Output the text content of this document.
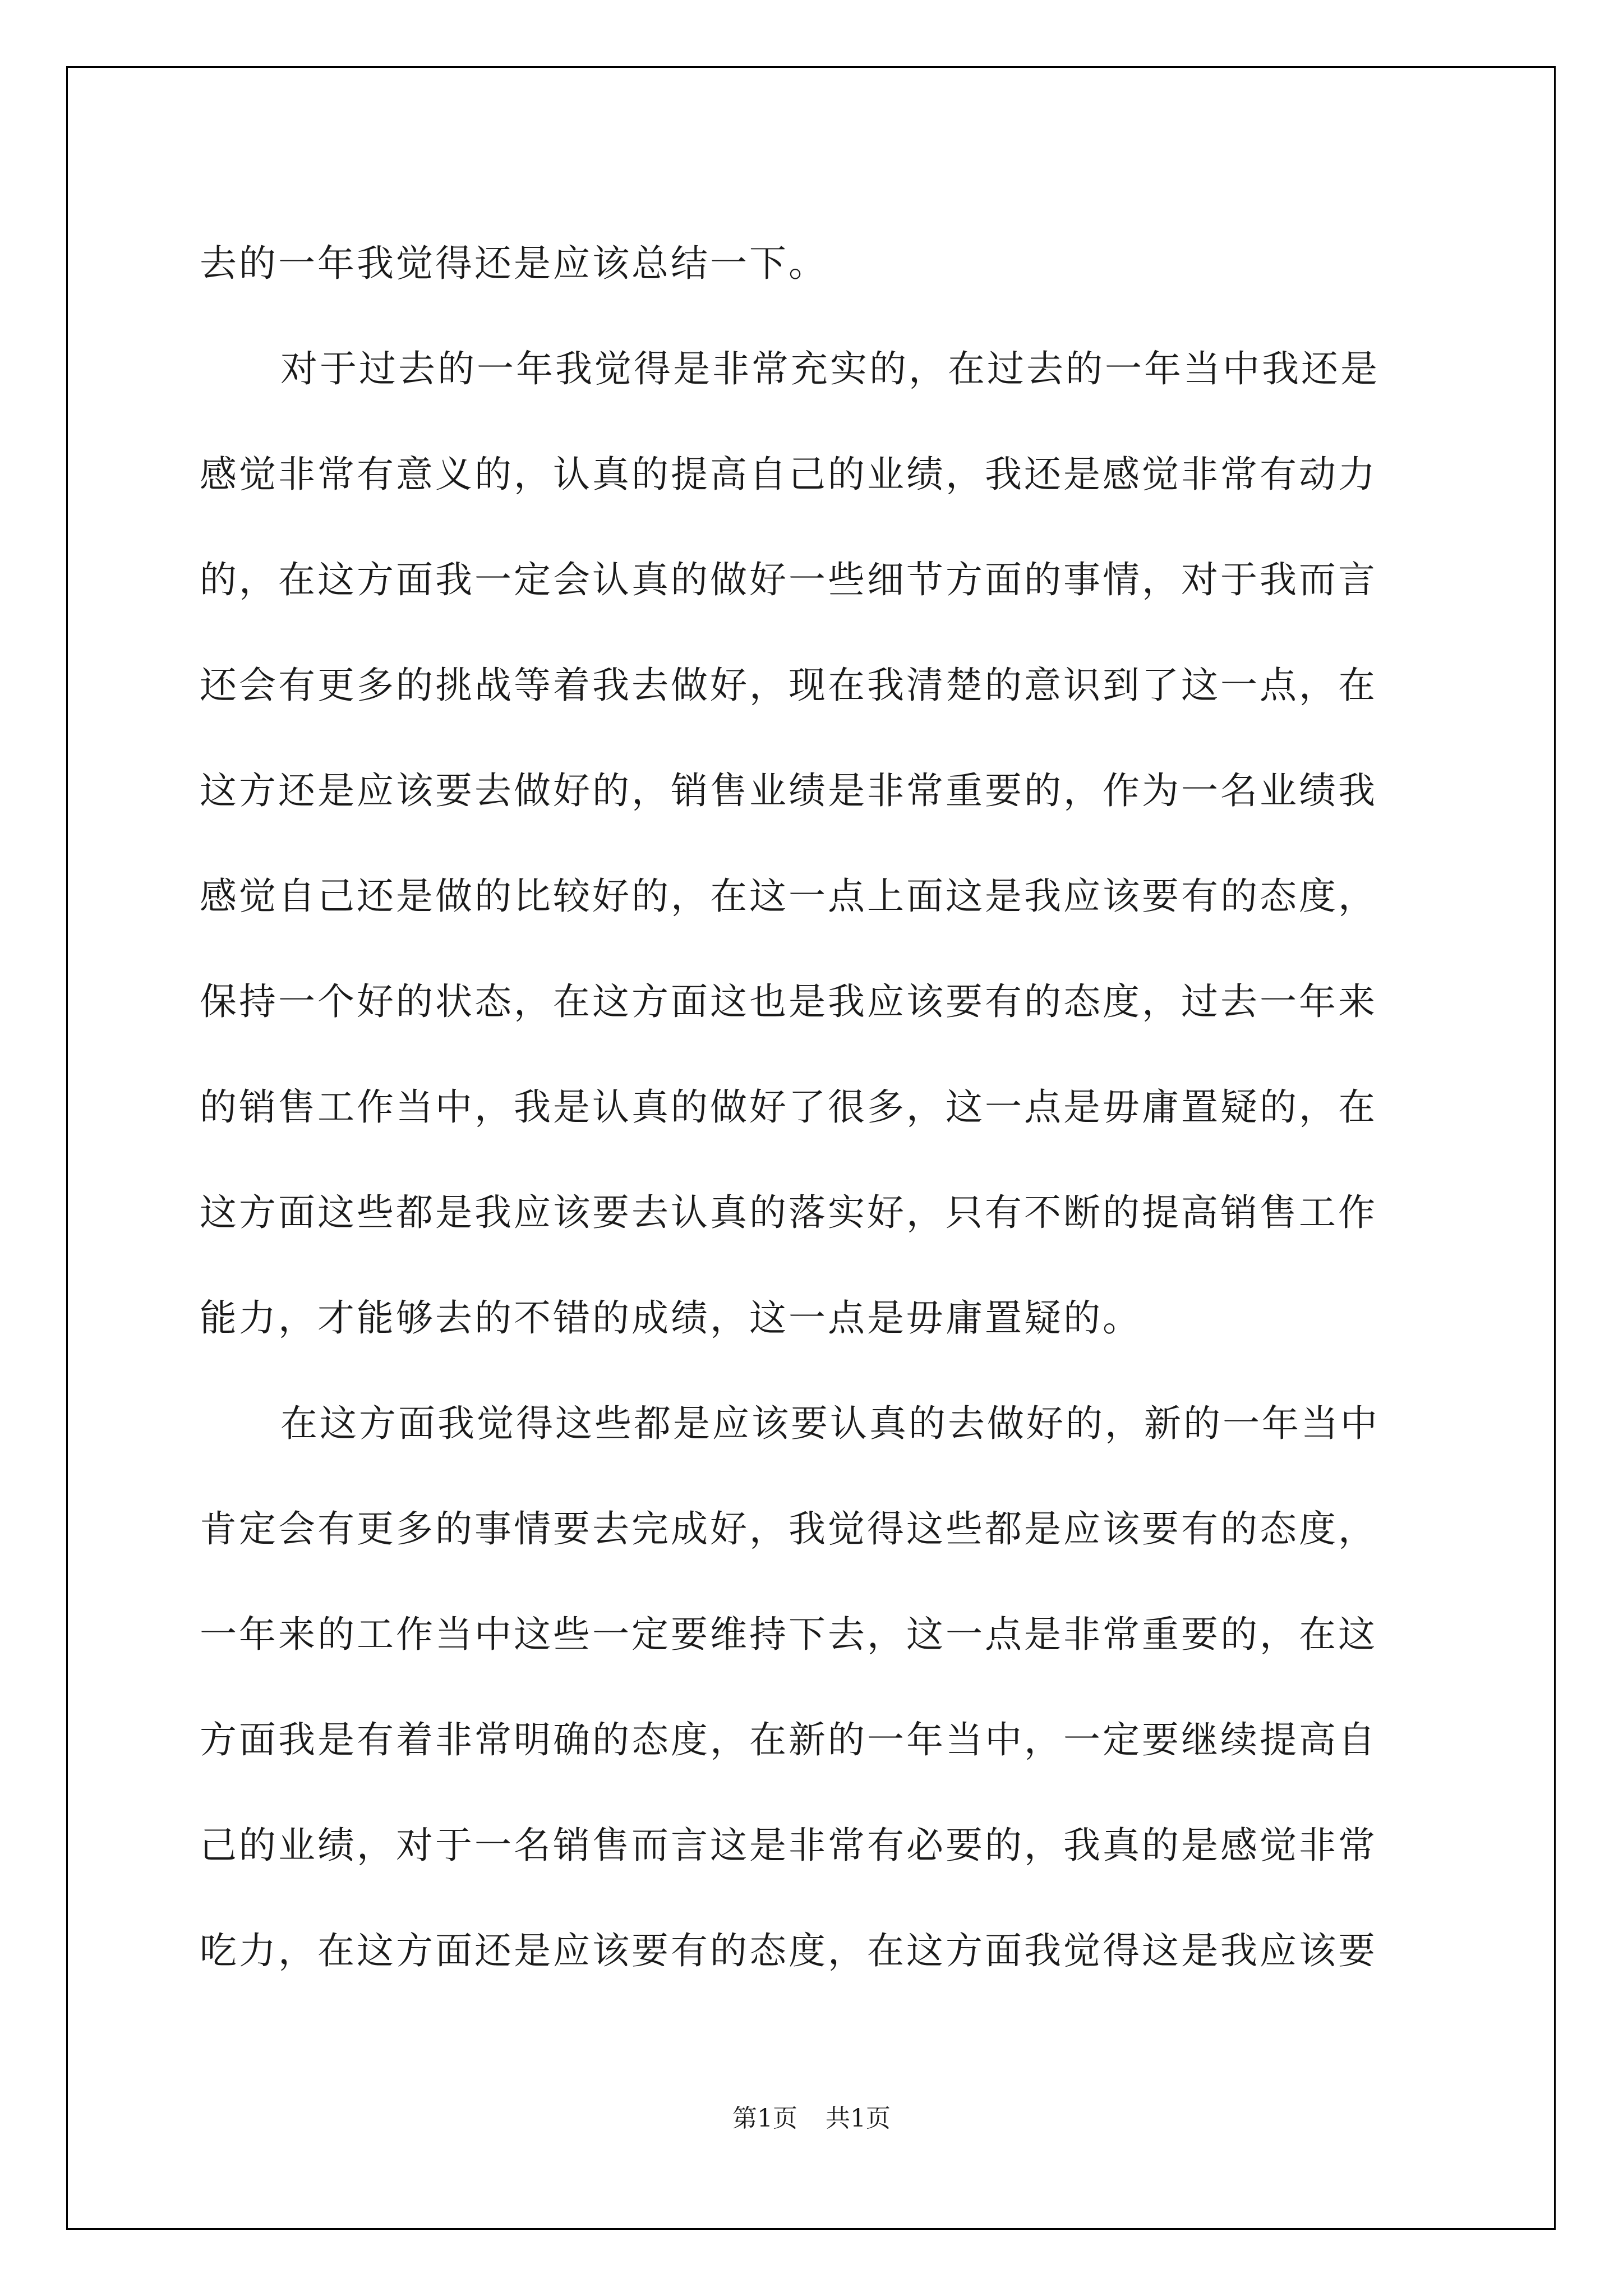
去的一年我觉得还是应该总结一下。
对于过去的一年我觉得是非常充实的，在过去的一年当中我还是
感觉非常有意义的，认真的提高自己的业绩，我还是感觉非常有动力
的，在这方面我一定会认真的做好一些细节方面的事情，对于我而言
还会有更多的挑战等着我去做好，现在我清楚的意识到了这一点，在
这方还是应该要去做好的，销售业绩是非常重要的，作为一名业绩我
感觉自己还是做的比较好的，在这一点上面这是我应该要有的态度，
保持一个好的状态，在这方面这也是我应该要有的态度，过去一年来
的销售工作当中，我是认真的做好了很多，这一点是毋庸置疑的，在
这方面这些都是我应该要去认真的落实好，只有不断的提高销售工作
能力，才能够去的不错的成绩，这一点是毋庸置疑的。
在这方面我觉得这些都是应该要认真的去做好的，新的一年当中
肯定会有更多的事情要去完成好，我觉得这些都是应该要有的态度，
一年来的工作当中这些一定要维持下去，这一点是非常重要的，在这
方面我是有着非常明确的态度，在新的一年当中，一定要继续提高自
己的业绩，对于一名销售而言这是非常有必要的，我真的是感觉非常
吃力，在这方面还是应该要有的态度，在这方面我觉得这是我应该要
第1页 共1页
